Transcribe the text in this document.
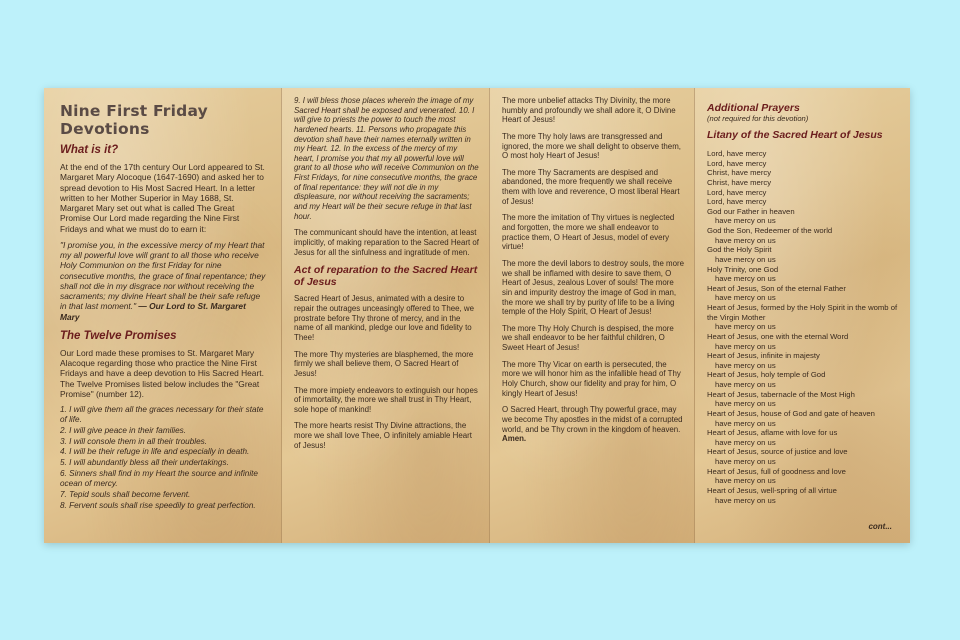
Nine First Friday Devotions
What is it?

At the end of the 17th century Our Lord appeared to St. Margaret Mary Alocoque (1647-1690) and asked her to spread devotion to His Most Sacred Heart. In a letter written to her Mother Superior in May 1688, St. Margaret Mary set out what is called The Great Promise Our Lord made regarding the Nine First Fridays and what we must do to earn it:

"I promise you, in the excessive mercy of my Heart that my all powerful love will grant to all those who receive Holy Communion on the first Friday for nine consecutive months, the grace of final repentance; they shall not die in my disgrace nor without receiving the sacraments; my divine Heart shall be their safe refuge in that last moment." — Our Lord to St. Margaret Mary
The Twelve Promises

Our Lord made these promises to St. Margaret Mary Alacoque regarding those who practice the Nine First Fridays and have a deep devotion to His Sacred Heart. The Twelve Promises listed below includes the "Great Promise" (number 12).

1. I will give them all the graces necessary for their state of life.
2. I will give peace in their families.
3. I will console them in all their troubles.
4. I will be their refuge in life and especially in death.
5. I will abundantly bless all their undertakings.
6. Sinners shall find in my Heart the source and infinite ocean of mercy.
7. Tepid souls shall become fervent.
8. Fervent souls shall rise speedily to great perfection.

9. I will bless those places wherein the image of my Sacred Heart shall be exposed and venerated. 10. I will give to priests the power to touch the most hardened hearts. 11. Persons who propagate this devotion shall have their names eternally written in my Heart. 12. In the excess of the mercy of my heart, I promise you that my all powerful love will grant to all those who will receive Communion on the First Fridays, for nine consecutive months, the grace of final repentance: they will not die in my displeasure, nor without receiving the sacraments; and my Heart will be their secure refuge in that last hour.

The communicant should have the intention, at least implicitly, of making reparation to the Sacred Heart of Jesus for all the sinfulness and ingratitude of men.

Act of reparation to the Sacred Heart of Jesus

Sacred Heart of Jesus, animated with a desire to repair the outrages unceasingly offered to Thee, we prostrate before Thy throne of mercy, and in the name of all mankind, pledge our love and fidelity to Thee!

The more Thy mysteries are blasphemed, the more firmly we shall believe them, O Sacred Heart of Jesus!

The more impiety endeavors to extinguish our hopes of immortality, the more we shall trust in Thy Heart, sole hope of mankind!

The more hearts resist Thy Divine attractions, the more we shall love Thee, O infinitely amiable Heart of Jesus!

The more unbelief attacks Thy Divinity, the more humbly and profoundly we shall adore it, O Divine Heart of Jesus!

The more Thy holy laws are transgressed and ignored, the more we shall delight to observe them, O most holy Heart of Jesus!

The more Thy Sacraments are despised and abandoned, the more frequently we shall receive them with love and reverence, O most liberal Heart of Jesus!

The more the imitation of Thy virtues is neglected and forgotten, the more we shall endeavor to practice them, O Heart of Jesus, model of every virtue!

The more the devil labors to destroy souls, the more we shall be inflamed with desire to save them, O Heart of Jesus, zealous Lover of souls! The more sin and impurity destroy the image of God in man, the more we shall try by purity of life to be a living temple of the Holy Spirit, O Heart of Jesus!

The more Thy Holy Church is despised, the more we shall endeavor to be her faithful children, O Sweet Heart of Jesus!

The more Thy Vicar on earth is persecuted, the more we will honor him as the infallible head of Thy Holy Church, show our fidelity and pray for him, O kingly Heart of Jesus!

O Sacred Heart, through Thy powerful grace, may we become Thy apostles in the midst of a corrupted world, and be Thy crown in the kingdom of heaven. Amen.

Additional Prayers
(not required for this devotion)
Litany of the Sacred Heart of Jesus
Lord, have mercy
Lord, have mercy
Christ, have mercy
Christ, have mercy
Lord, have mercy
Lord, have mercy
God our Father in heaven
have mercy on us
God the Son, Redeemer of the world
have mercy on us
God the Holy Spirit
have mercy on us
Holy Trinity, one God
have mercy on us
Heart of Jesus, Son of the eternal Father
have mercy on us
Heart of Jesus, formed by the Holy Spirit in the womb of the Virgin Mother
have mercy on us
Heart of Jesus, one with the eternal Word
have mercy on us
Heart of Jesus, infinite in majesty
have mercy on us
Heart of Jesus, holy temple of God
have mercy on us
Heart of Jesus, tabernacle of the Most High
have mercy on us
Heart of Jesus, house of God and gate of heaven
have mercy on us
Heart of Jesus, aflame with love for us
have mercy on us
Heart of Jesus, source of justice and love
have mercy on us
Heart of Jesus, full of goodness and love
have mercy on us
Heart of Jesus, well-spring of all virtue
have mercy on us
cont...
